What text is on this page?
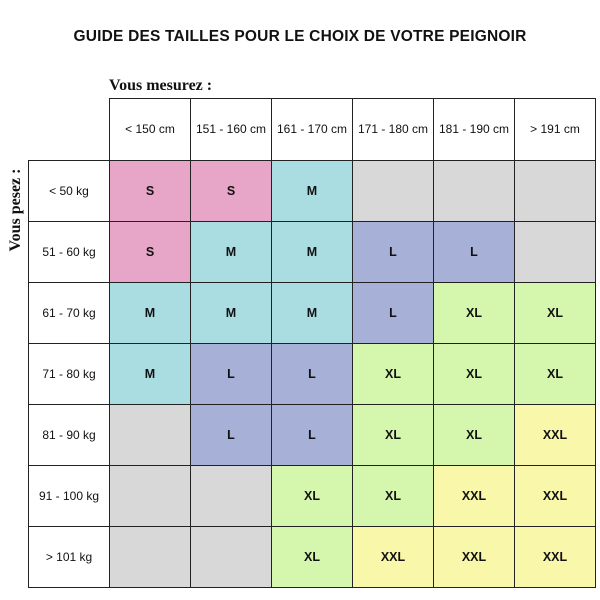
GUIDE DES TAILLES POUR LE CHOIX DE VOTRE PEIGNOIR
Vous mesurez :
Vous pesez :
	< 150 cm	151 - 160 cm	161 - 170 cm	171 - 180 cm	181 - 190 cm	> 191 cm
< 50 kg	S	S	M			
51 - 60 kg	S	M	M	L	L	
61 - 70 kg	M	M	M	L	XL	XL
71 - 80 kg	M	L	L	XL	XL	XL
81 - 90 kg		L	L	XL	XL	XXL
91 - 100 kg			XL	XL	XXL	XXL
> 101 kg			XL	XXL	XXL	XXL
